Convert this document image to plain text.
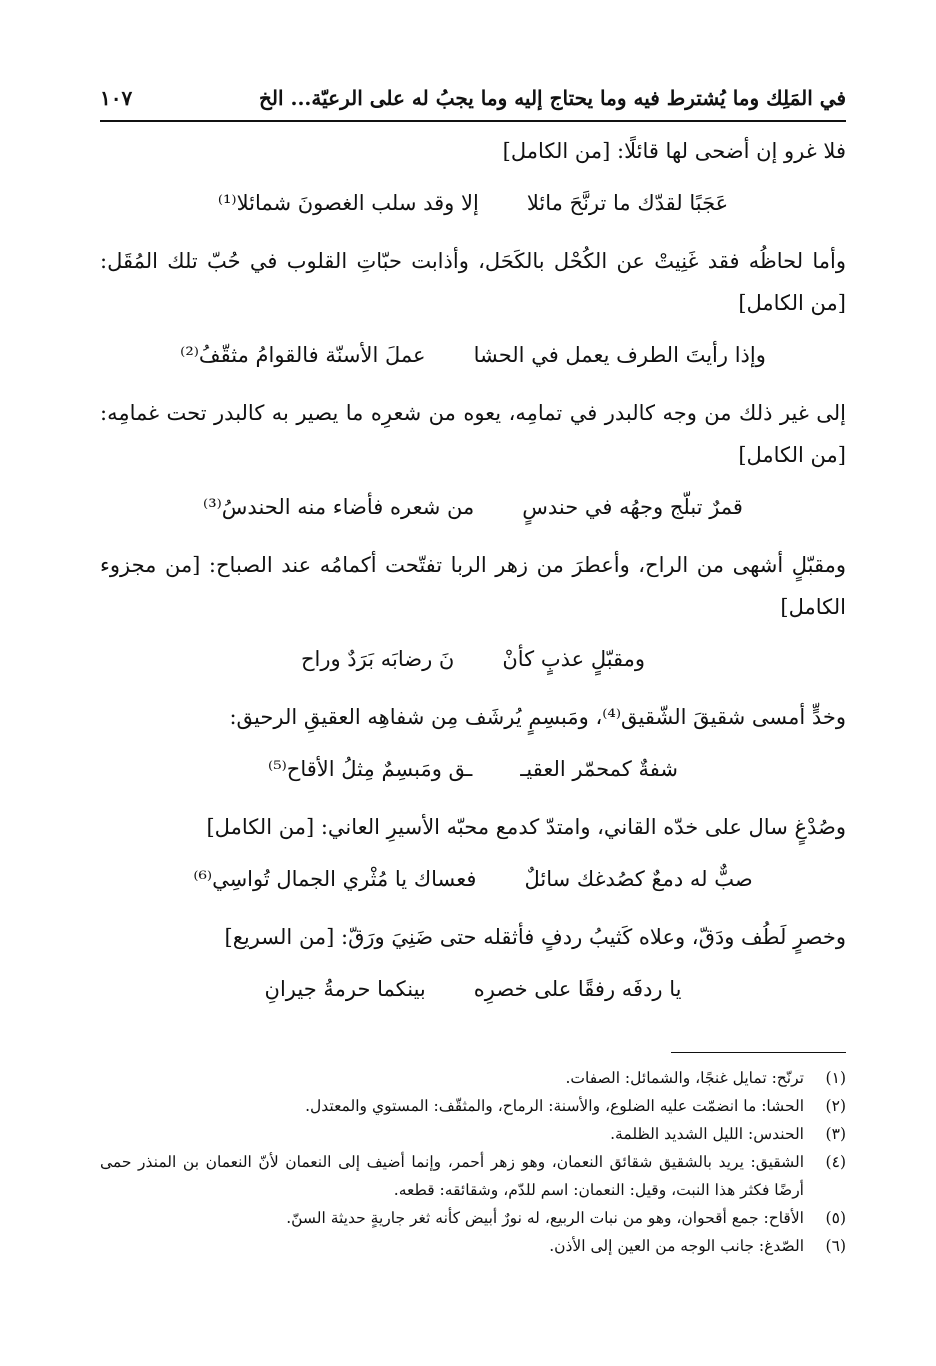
في المَلِك وما يُشترط فيه وما يحتاج إليه وما يجبُ له على الرعيّة... الخ
١٠٧

فلا غرو إن أضحى لها قائلًا: [من الكامل]

عَجَبًا لقدّك ما ترنَّحَ مائلا
إلا وقد سلب الغصونَ شمائلا⁽¹⁾

وأما لحاظُه فقد غَنِيتْ عن الكُحْل بالكَحَل، وأذابت حبّاتِ القلوب في حُبّ تلك المُقَل: [من الكامل]

وإذا رأيتَ الطرف يعمل في الحشا
عملَ الأسنّة فالقوامُ مثقّفُ⁽²⁾

إلى غير ذلك من وجه كالبدر في تمامِه، يعوه من شعرِه ما يصير به كالبدر تحت غمامِه: [من الكامل]

قمرٌ تبلّج وجهُه في حندسٍ
من شعره فأضاء منه الحندسُ⁽³⁾

ومقبّلٍ أشهى من الراح، وأعطرَ من زهر الربا تفتّحت أكمامُه عند الصباح: [من مجزوء الكامل]

ومقبّلٍ عذبٍ كأنْ
نَ رضابَه بَرَدٌ وراح

وخدٍّ أمسى شقيقَ الشّقيق⁽⁴⁾، ومَبسِمٍ يُرشَف مِن شفاهِه العقيقِ الرحيق:

شفةٌ كمحمّر العقيـ
ـق ومَبسِمٌ مِثلُ الأقاح⁽⁵⁾

وصُدْغٍ سال على خدّه القاني، وامتدّ كدمع محبّه الأسيرِ العاني: [من الكامل]

صبٌّ له دمعٌ كصُدغك سائلٌ
فعساك يا مُثْري الجمال تُواسِي⁽⁶⁾

وخصرٍ لَطُف ودَقّ، وعلاه كَثيبُ ردفٍ فأثقله حتى ضَنِيَ ورَقّ: [من السريع]

يا ردفَه رفقًا على خصرِه
بينكما حرمةُ جيرانِ
(١)
ترنّح: تمايل غنجًا، والشمائل: الصفات.
(٢)
الحشا: ما انضمّت عليه الضلوع، والأسنة: الرماح، والمثقّف: المستوي والمعتدل.
(٣)
الحندس: الليل الشديد الظلمة.
(٤)
الشقيق: يريد بالشقيق شقائق النعمان، وهو زهر أحمر، وإنما أضيف إلى النعمان لأنّ النعمان بن المنذر حمى أرضًا فكثر هذا النبت، وقيل: النعمان: اسم للدّم، وشقائقه: قطعه.
(٥)
الأقاح: جمع أقحوان، وهو من نبات الربيع، له نورٌ أبيض كأنه ثغر جاريةٍ حديثة السنّ.
(٦)
الصّدغ: جانب الوجه من العين إلى الأذن.
